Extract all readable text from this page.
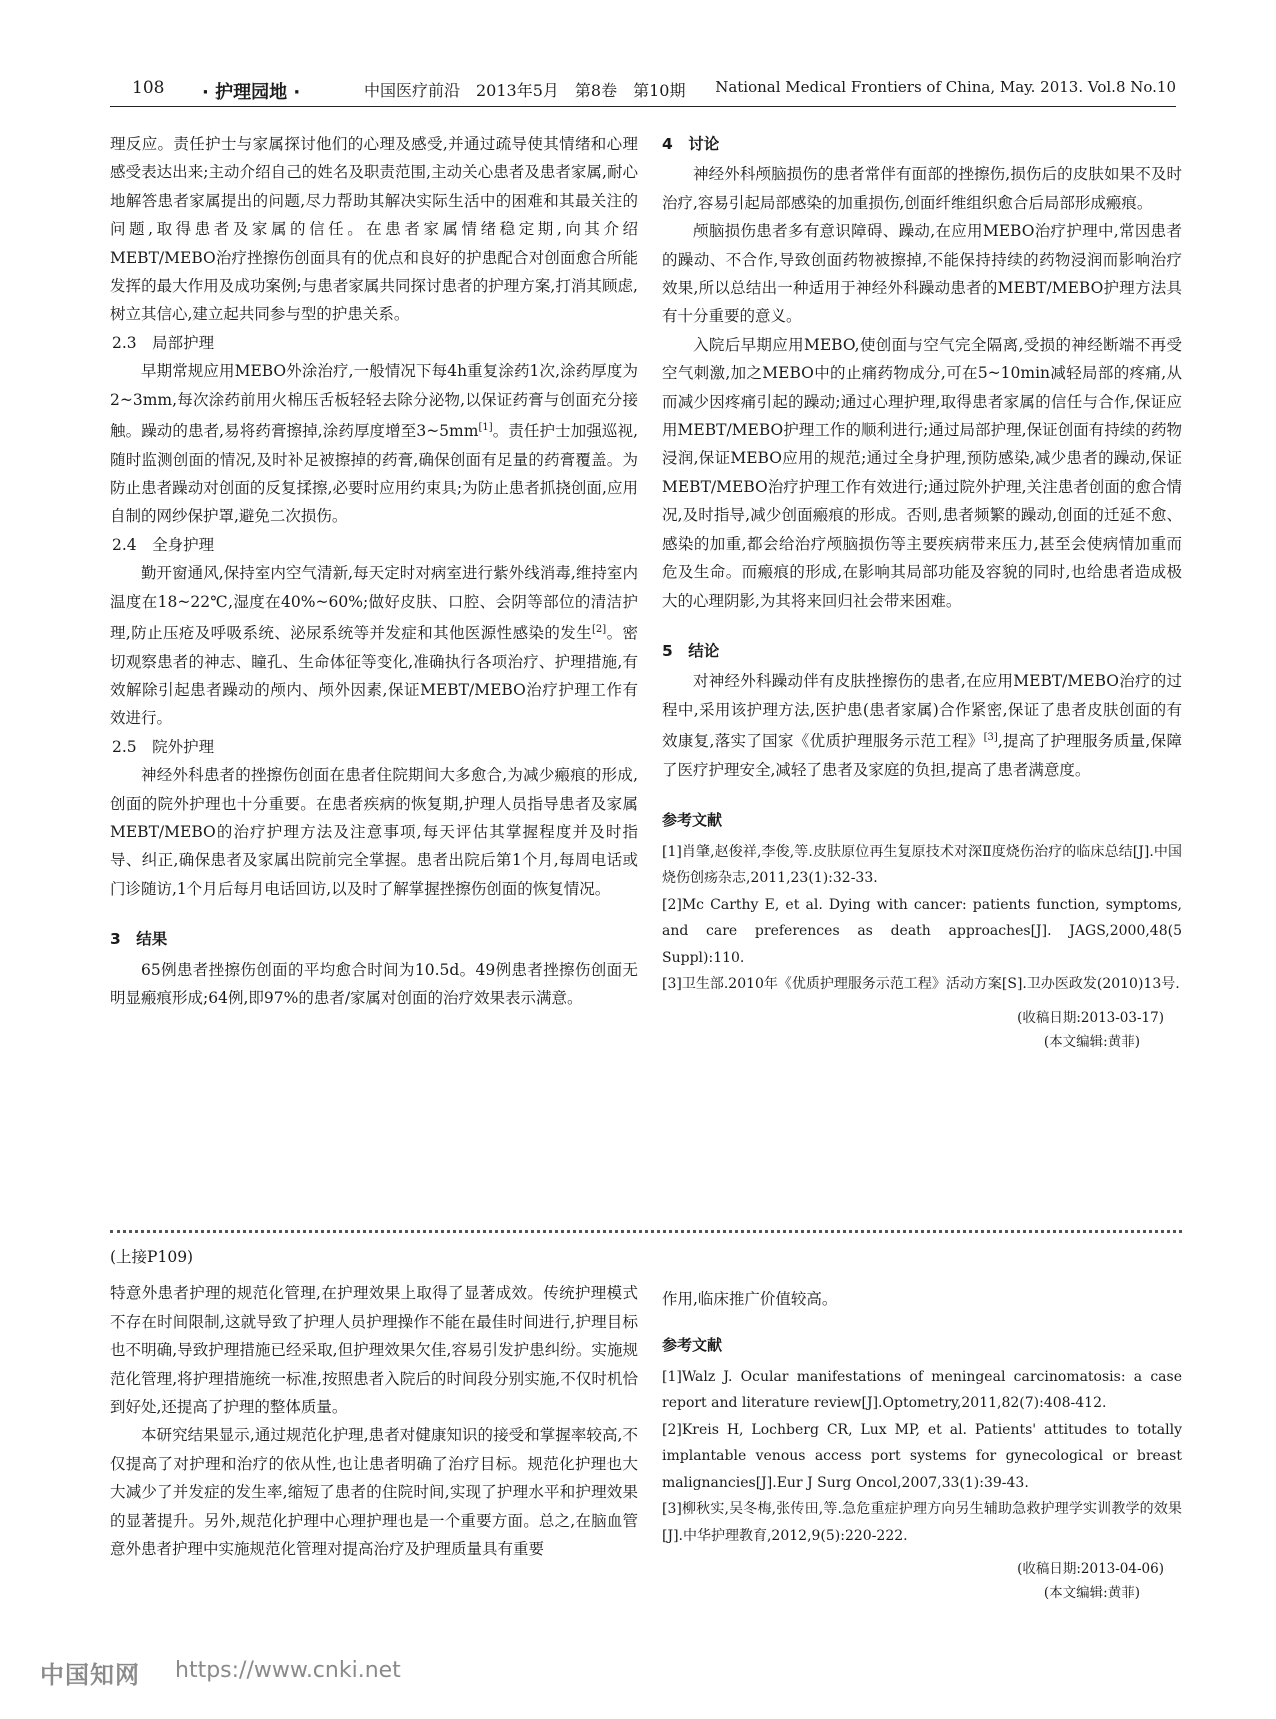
108 · 护理园地 ·	中国医疗前沿　2013年5月　第8卷　第10期 National Medical Frontiers of China, May. 2013. Vol.8 No.10

理反应。责任护士与家属探讨他们的心理及感受,并通过疏导使其情绪和心理感受表达出来;主动介绍自己的姓名及职责范围,主动关心患者及患者家属,耐心地解答患者家属提出的问题,尽力帮助其解决实际生活中的困难和其最关注的问题,取得患者及家属的信任。在患者家属情绪稳定期,向其介绍MEBT/MEBO治疗挫擦伤创面具有的优点和良好的护患配合对创面愈合所能发挥的最大作用及成功案例;与患者家属共同探讨患者的护理方案,打消其顾虑,树立其信心,建立起共同参与型的护患关系。

2.3　局部护理

早期常规应用MEBO外涂治疗,一般情况下每4h重复涂药1次,涂药厚度为2~3mm,每次涂药前用火棉压舌板轻轻去除分泌物,以保证药膏与创面充分接触。躁动的患者,易将药膏擦掉,涂药厚度增至3~5mm[1]。责任护士加强巡视,随时监测创面的情况,及时补足被擦掉的药膏,确保创面有足量的药膏覆盖。为防止患者躁动对创面的反复揉擦,必要时应用约束具;为防止患者抓挠创面,应用自制的网纱保护罩,避免二次损伤。

2.4　全身护理

勤开窗通风,保持室内空气清新,每天定时对病室进行紫外线消毒,维持室内温度在18~22℃,湿度在40%~60%;做好皮肤、口腔、会阴等部位的清洁护理,防止压疮及呼吸系统、泌尿系统等并发症和其他医源性感染的发生[2]。密切观察患者的神志、瞳孔、生命体征等变化,准确执行各项治疗、护理措施,有效解除引起患者躁动的颅内、颅外因素,保证MEBT/MEBO治疗护理工作有效进行。

2.5　院外护理

神经外科患者的挫擦伤创面在患者住院期间大多愈合,为减少瘢痕的形成,创面的院外护理也十分重要。在患者疾病的恢复期,护理人员指导患者及家属MEBT/MEBO的治疗护理方法及注意事项,每天评估其掌握程度并及时指导、纠正,确保患者及家属出院前完全掌握。患者出院后第1个月,每周电话或门诊随访,1个月后每月电话回访,以及时了解掌握挫擦伤创面的恢复情况。

3　结果

65例患者挫擦伤创面的平均愈合时间为10.5d。49例患者挫擦伤创面无明显瘢痕形成;64例,即97%的患者/家属对创面的治疗效果表示满意。

4　讨论

神经外科颅脑损伤的患者常伴有面部的挫擦伤,损伤后的皮肤如果不及时治疗,容易引起局部感染的加重损伤,创面纤维组织愈合后局部形成瘢痕。

颅脑损伤患者多有意识障碍、躁动,在应用MEBO治疗护理中,常因患者的躁动、不合作,导致创面药物被擦掉,不能保持持续的药物浸润而影响治疗效果,所以总结出一种适用于神经外科躁动患者的MEBT/MEBO护理方法具有十分重要的意义。

入院后早期应用MEBO,使创面与空气完全隔离,受损的神经断端不再受空气刺激,加之MEBO中的止痛药物成分,可在5~10min减轻局部的疼痛,从而减少因疼痛引起的躁动;通过心理护理,取得患者家属的信任与合作,保证应用MEBT/MEBO护理工作的顺利进行;通过局部护理,保证创面有持续的药物浸润,保证MEBO应用的规范;通过全身护理,预防感染,减少患者的躁动,保证MEBT/MEBO治疗护理工作有效进行;通过院外护理,关注患者创面的愈合情况,及时指导,减少创面瘢痕的形成。否则,患者频繁的躁动,创面的迁延不愈、感染的加重,都会给治疗颅脑损伤等主要疾病带来压力,甚至会使病情加重而危及生命。而瘢痕的形成,在影响其局部功能及容貌的同时,也给患者造成极大的心理阴影,为其将来回归社会带来困难。

5　结论

对神经外科躁动伴有皮肤挫擦伤的患者,在应用MEBT/MEBO治疗的过程中,采用该护理方法,医护患(患者家属)合作紧密,保证了患者皮肤创面的有效康复,落实了国家《优质护理服务示范工程》[3],提高了护理服务质量,保障了医疗护理安全,减轻了患者及家庭的负担,提高了患者满意度。

参考文献

[1]肖肇,赵俊祥,李俊,等.皮肤原位再生复原技术对深Ⅱ度烧伤治疗的临床总结[J].中国烧伤创疡杂志,2011,23(1):32-33.

[2]Mc Carthy E, et al. Dying with cancer: patients function, symptoms, and care preferences as death approaches[J]. JAGS,2000,48(5 Suppl):110.

[3]卫生部.2010年《优质护理服务示范工程》活动方案[S].卫办医政发(2010)13号.

(收稿日期:2013-03-17)

(本文编辑:黄菲)

(上接P109)

特意外患者护理的规范化管理,在护理效果上取得了显著成效。传统护理模式不存在时间限制,这就导致了护理人员护理操作不能在最佳时间进行,护理目标也不明确,导致护理措施已经采取,但护理效果欠佳,容易引发护患纠纷。实施规范化管理,将护理措施统一标准,按照患者入院后的时间段分别实施,不仅时机恰到好处,还提高了护理的整体质量。

本研究结果显示,通过规范化护理,患者对健康知识的接受和掌握率较高,不仅提高了对护理和治疗的依从性,也让患者明确了治疗目标。规范化护理也大大减少了并发症的发生率,缩短了患者的住院时间,实现了护理水平和护理效果的显著提升。另外,规范化护理中心理护理也是一个重要方面。总之,在脑血管意外患者护理中实施规范化管理对提高治疗及护理质量具有重要

作用,临床推广价值较高。

参考文献

[1]Walz J. Ocular manifestations of meningeal carcinomatosis: a case report and literature review[J].Optometry,2011,82(7):408-412.

[2]Kreis H, Lochberg CR, Lux MP, et al. Patients' attitudes to totally implantable venous access port systems for gynecological or breast malignancies[J].Eur J Surg Oncol,2007,33(1):39-43.

[3]柳秋实,吴冬梅,张传田,等.急危重症护理方向另生辅助急救护理学实训教学的效果[J].中华护理教育,2012,9(5):220-222.

(收稿日期:2013-04-06)

(本文编辑:黄菲)

中国知网 https://www.cnki.net
